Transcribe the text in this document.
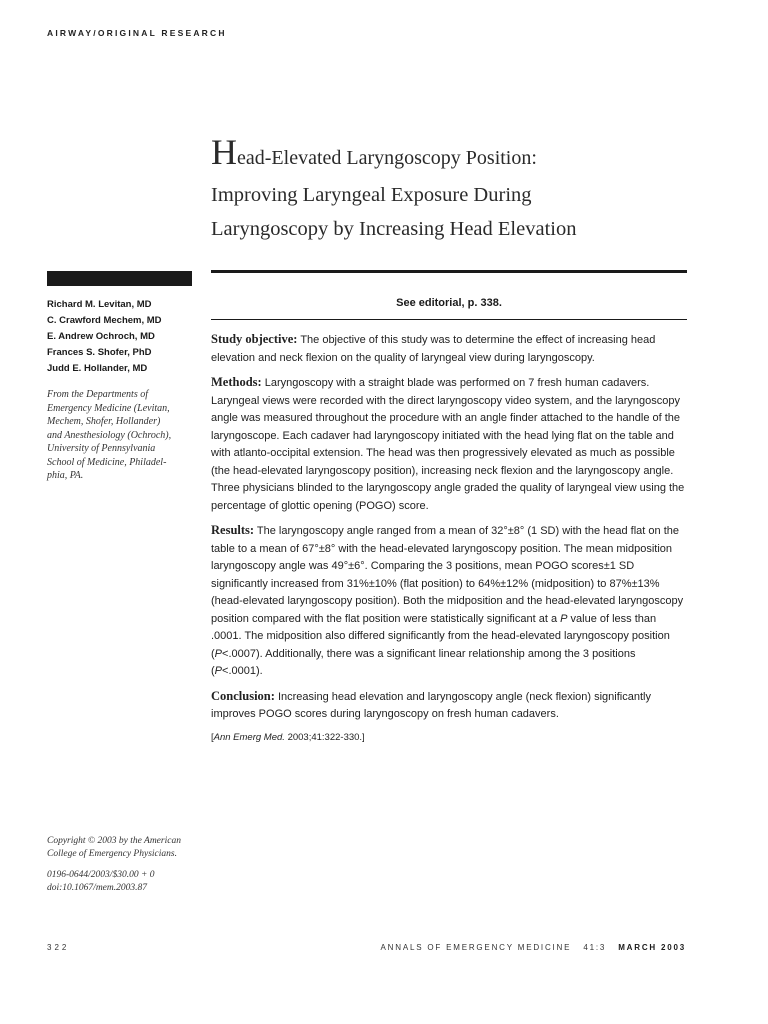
AIRWAY/ORIGINAL RESEARCH
Head-Elevated Laryngoscopy Position:
Improving Laryngeal Exposure During
Laryngoscopy by Increasing Head Elevation
See editorial, p. 338.
Richard M. Levitan, MD
C. Crawford Mechem, MD
E. Andrew Ochroch, MD
Frances S. Shofer, PhD
Judd E. Hollander, MD
From the Departments of
Emergency Medicine (Levitan,
Mechem, Shofer, Hollander)
and Anesthesiology (Ochroch),
University of Pennsylvania
School of Medicine, Philadel-
phia, PA.

Study objective: The objective of this study was to determine the effect of increasing head elevation and neck flexion on the quality of laryngeal view during laryngoscopy.

Methods: Laryngoscopy with a straight blade was performed on 7 fresh human cadavers. Laryngeal views were recorded with the direct laryngoscopy video system, and the laryngoscopy angle was measured throughout the procedure with an angle finder attached to the handle of the laryngoscope. Each cadaver had laryngoscopy initiated with the head lying flat on the table and with atlanto-occipital extension. The head was then progressively elevated as much as possible (the head-elevated laryngoscopy position), increasing neck flexion and the laryngoscopy angle. Three physicians blinded to the laryngoscopy angle graded the quality of laryngeal view using the percentage of glottic opening (POGO) score.

Results: The laryngoscopy angle ranged from a mean of 32°±8° (1 SD) with the head flat on the table to a mean of 67°±8° with the head-elevated laryngoscopy position. The mean midposition laryngoscopy angle was 49°±6°. Comparing the 3 positions, mean POGO scores±1 SD significantly increased from 31%±10% (flat position) to 64%±12% (midposition) to 87%±13% (head-elevated laryngoscopy position). Both the midposition and the head-elevated laryngoscopy position compared with the flat position were statistically significant at a P value of less than .0001. The midposition also differed significantly from the head-elevated laryngoscopy position (P<.0007). Additionally, there was a significant linear relationship among the 3 positions (P<.0001).

Conclusion: Increasing head elevation and laryngoscopy angle (neck flexion) significantly improves POGO scores during laryngoscopy on fresh human cadavers.

[Ann Emerg Med. 2003;41:322-330.]

Copyright © 2003 by the American College of Emergency Physicians.

0196-0644/2003/$30.00 + 0
doi:10.1067/mem.2003.87
322	ANNALS OF EMERGENCY MEDICINE 41:3 MARCH 2003
